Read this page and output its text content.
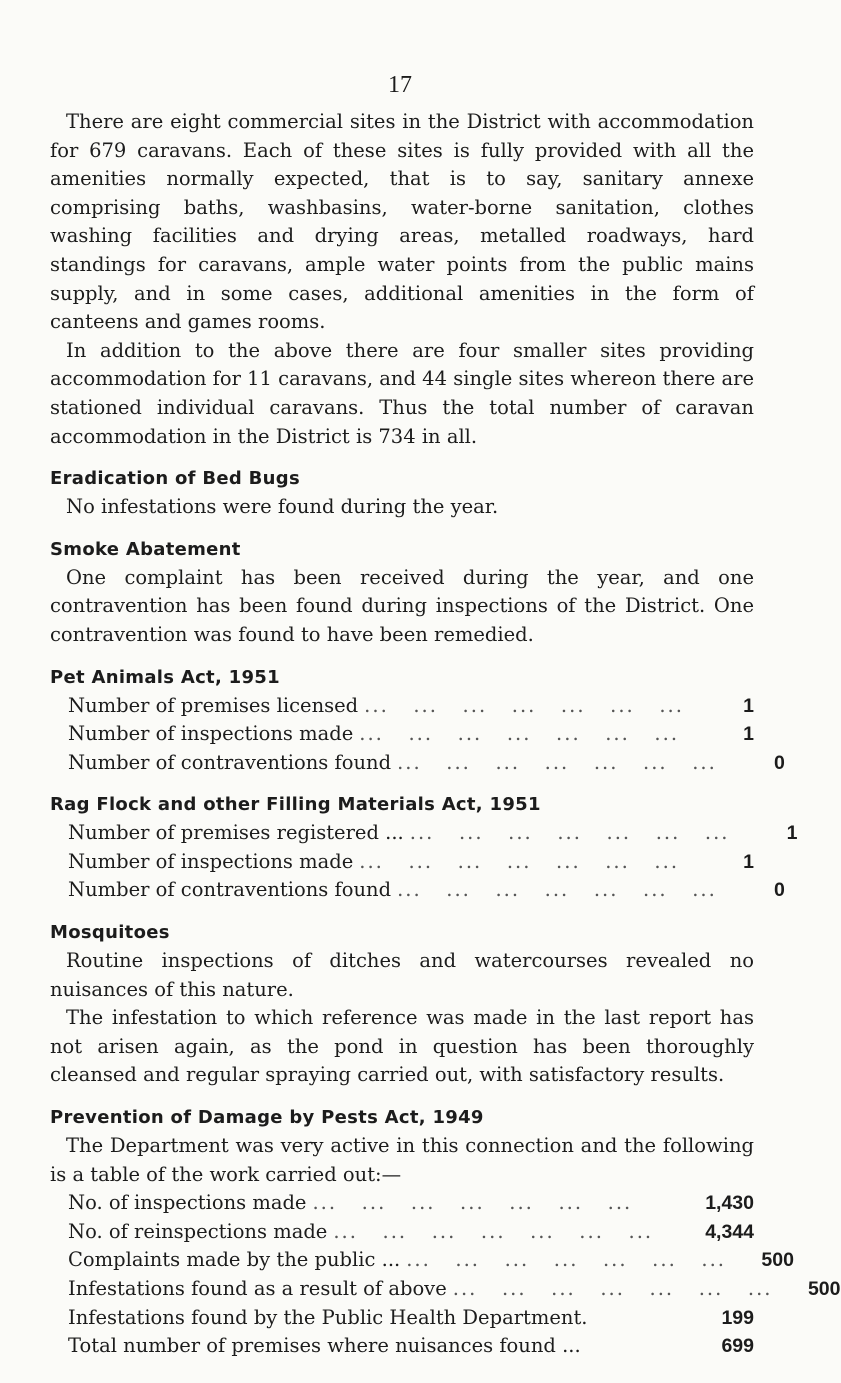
17

There are eight commercial sites in the District with accommodation for 679 caravans. Each of these sites is fully provided with all the amenities normally expected, that is to say, sanitary annexe comprising baths, washbasins, water-borne sanitation, clothes washing facilities and drying areas, metalled roadways, hard standings for caravans, ample water points from the public mains supply, and in some cases, additional amenities in the form of canteens and games rooms.

In addition to the above there are four smaller sites providing accommodation for 11 caravans, and 44 single sites whereon there are stationed individual caravans. Thus the total number of caravan accommodation in the District is 734 in all.

Eradication of Bed Bugs

No infestations were found during the year.

Smoke Abatement

One complaint has been received during the year, and one contravention has been found during inspections of the District. One contravention was found to have been remedied.

Pet Animals Act, 1951
Number of premises licensed ...   ...   ...   ...   ...   ...   ...	1
Number of inspections made ...   ...   ...   ...   ...   ...   ...	1
Number of contraventions found ...   ...   ...   ...   ...   ...   ...	0
Rag Flock and other Filling Materials Act, 1951
Number of premises registered ... ...   ...   ...   ...   ...   ...   ...	1
Number of inspections made ...   ...   ...   ...   ...   ...   ...	1
Number of contraventions found ...   ...   ...   ...   ...   ...   ...	0
Mosquitoes

Routine inspections of ditches and watercourses revealed no nuisances of this nature.

The infestation to which reference was made in the last report has not arisen again, as the pond in question has been thoroughly cleansed and regular spraying carried out, with satisfactory results.

Prevention of Damage by Pests Act, 1949

The Department was very active in this connection and the following is a table of the work carried out:—

No. of inspections made ...   ...   ...   ...   ...   ...   ...	1,430
No. of reinspections made ...   ...   ...   ...   ...   ...   ...	4,344
Complaints made by the public ... ...   ...   ...   ...   ...   ...   ...	500
Infestations found as a result of above ...   ...   ...   ...   ...   ...   ...	500
Infestations found by the Public Health Department.	199
Total number of premises where nuisances found ...	699
